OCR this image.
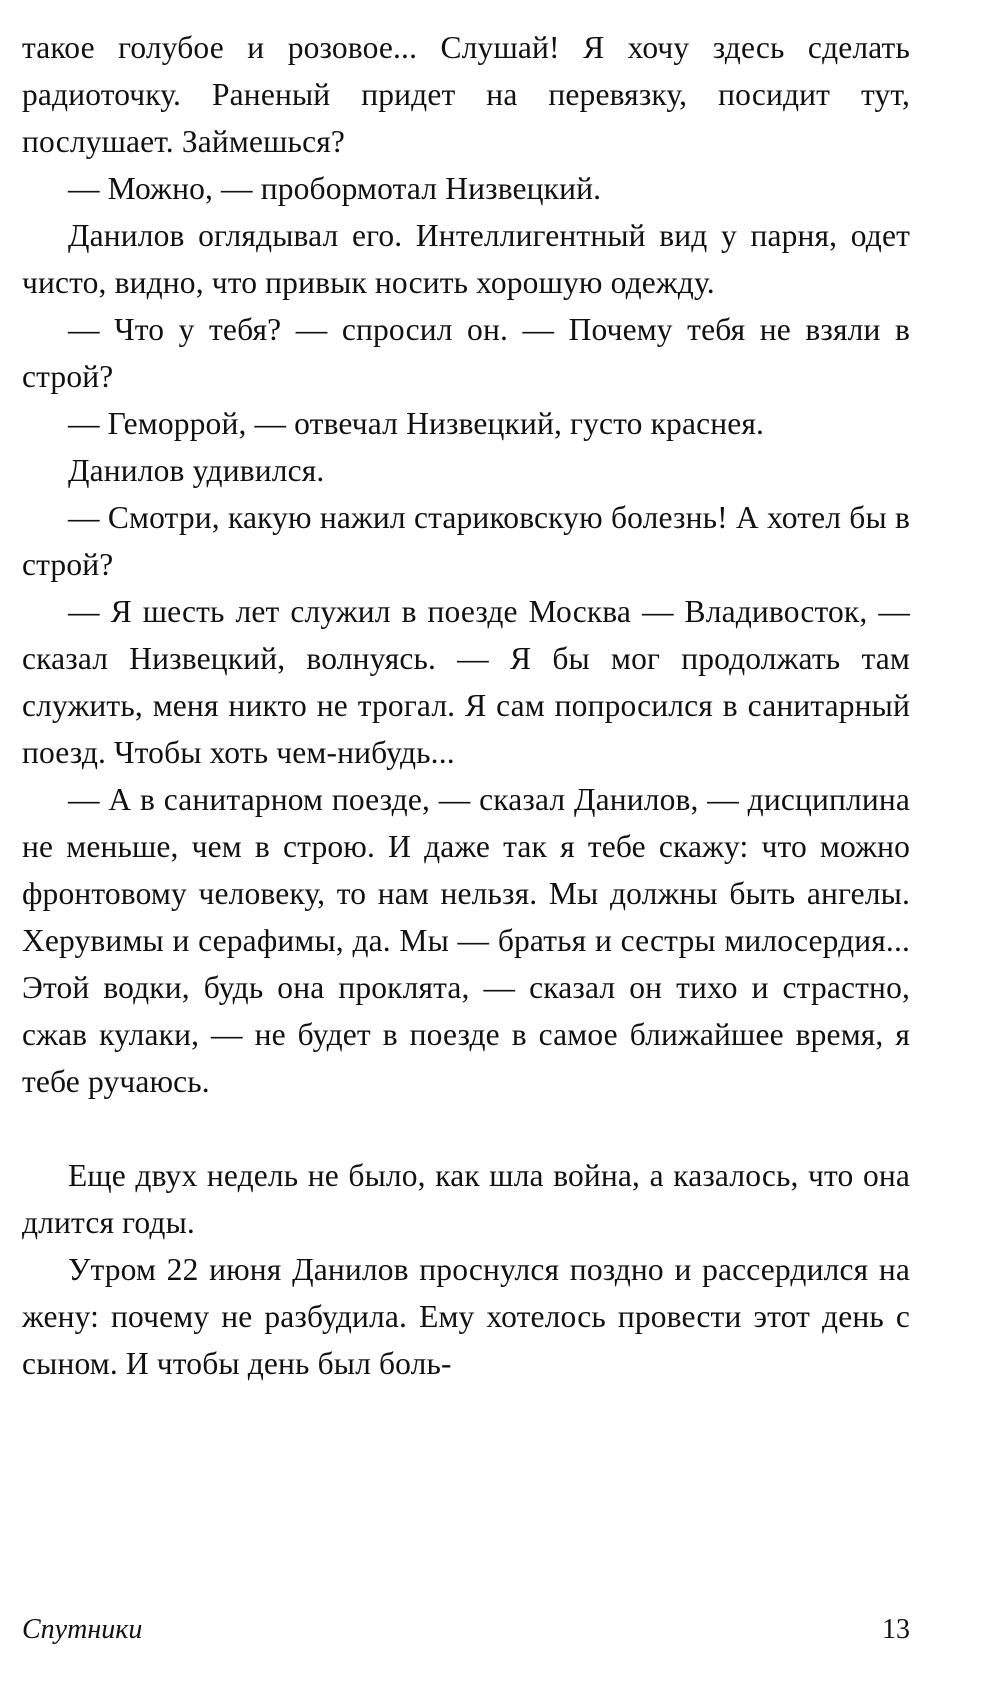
такое голубое и розовое... Слушай! Я хочу здесь сделать радиоточку. Раненый придет на перевязку, посидит тут, послушает. Займешься?

— Можно, — пробормотал Низвецкий.

Данилов оглядывал его. Интеллигентный вид у парня, одет чисто, видно, что привык носить хорошую одежду.

— Что у тебя? — спросил он. — Почему тебя не взяли в строй?

— Геморрой, — отвечал Низвецкий, густо краснея.

Данилов удивился.

— Смотри, какую нажил стариковскую болезнь! А хотел бы в строй?

— Я шесть лет служил в поезде Москва — Владивосток, — сказал Низвецкий, волнуясь. — Я бы мог продолжать там служить, меня никто не трогал. Я сам попросился в санитарный поезд. Чтобы хоть чем-нибудь...

— А в санитарном поезде, — сказал Данилов, — дисциплина не меньше, чем в строю. И даже так я тебе скажу: что можно фронтовому человеку, то нам нельзя. Мы должны быть ангелы. Херувимы и серафимы, да. Мы — братья и сестры милосердия... Этой водки, будь она проклята, — сказал он тихо и страстно, сжав кулаки, — не будет в поезде в самое ближайшее время, я тебе ручаюсь.

Еще двух недель не было, как шла война, а казалось, что она длится годы.

Утром 22 июня Данилов проснулся поздно и рассердился на жену: почему не разбудила. Ему хотелось провести этот день с сыном. И чтобы день был боль-

Спутники	13
